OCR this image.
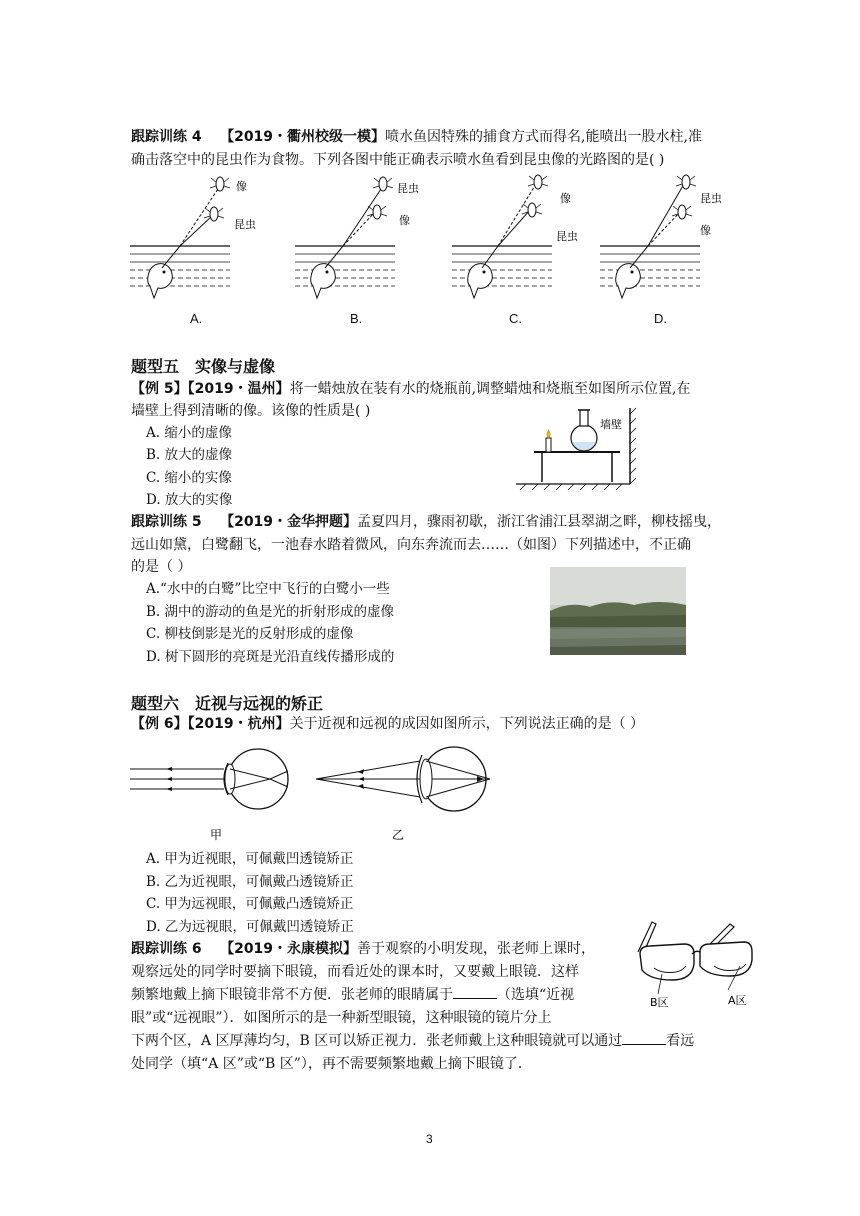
跟踪训练 4 【2019・衢州校级一模】喷水鱼因特殊的捕食方式而得名,能喷出一股水柱,准
确击落空中的昆虫作为食物。下列各图中能正确表示喷水鱼看到昆虫像的光路图的是( )
像
昆虫
昆虫
像
像
昆虫
昆虫
像
A.	B.	C.	D.
题型五　实像与虚像
【例 5】【2019・温州】将一蜡烛放在装有水的烧瓶前,调整蜡烛和烧瓶至如图所示位置,在
墙壁上得到清晰的像。该像的性质是( )
A. 缩小的虚像
B. 放大的虚像
C. 缩小的实像
D. 放大的实像
墙壁
跟踪训练 5 【2019・金华押题】孟夏四月，骤雨初歇，浙江省浦江县翠湖之畔，柳枝摇曳，
远山如黛，白鹭翻飞，一池春水踏着微风，向东奔流而去……（如图）下列描述中，不正确
的是（ ）
A.“水中的白鹭”比空中飞行的白鹭小一些
B. 湖中的游动的鱼是光的折射形成的虚像
C. 柳枝倒影是光的反射形成的虚像
D. 树下圆形的亮斑是光沿直线传播形成的
题型六　近视与远视的矫正
【例 6】【2019・杭州】关于近视和远视的成因如图所示，下列说法正确的是（ ）
甲	乙
A. 甲为近视眼，可佩戴凹透镜矫正
B. 乙为近视眼，可佩戴凸透镜矫正
C. 甲为远视眼，可佩戴凸透镜矫正
D. 乙为远视眼，可佩戴凹透镜矫正
跟踪训练 6 【2019・永康模拟】善于观察的小明发现，张老师上课时，
观察远处的同学时要摘下眼镜，而看近处的课本时，又要戴上眼镜．这样
频繁地戴上摘下眼镜非常不方便．张老师的眼睛属于	（选填“近视
眼”或“远视眼”）．如图所示的是一种新型眼镜，这种眼镜的镜片分上
下两个区，A 区厚薄均匀，B 区可以矫正视力．张老师戴上这种眼镜就可以通过	看远
处同学（填“A 区”或“B 区”），再不需要频繁地戴上摘下眼镜了．
B区	A区
3
